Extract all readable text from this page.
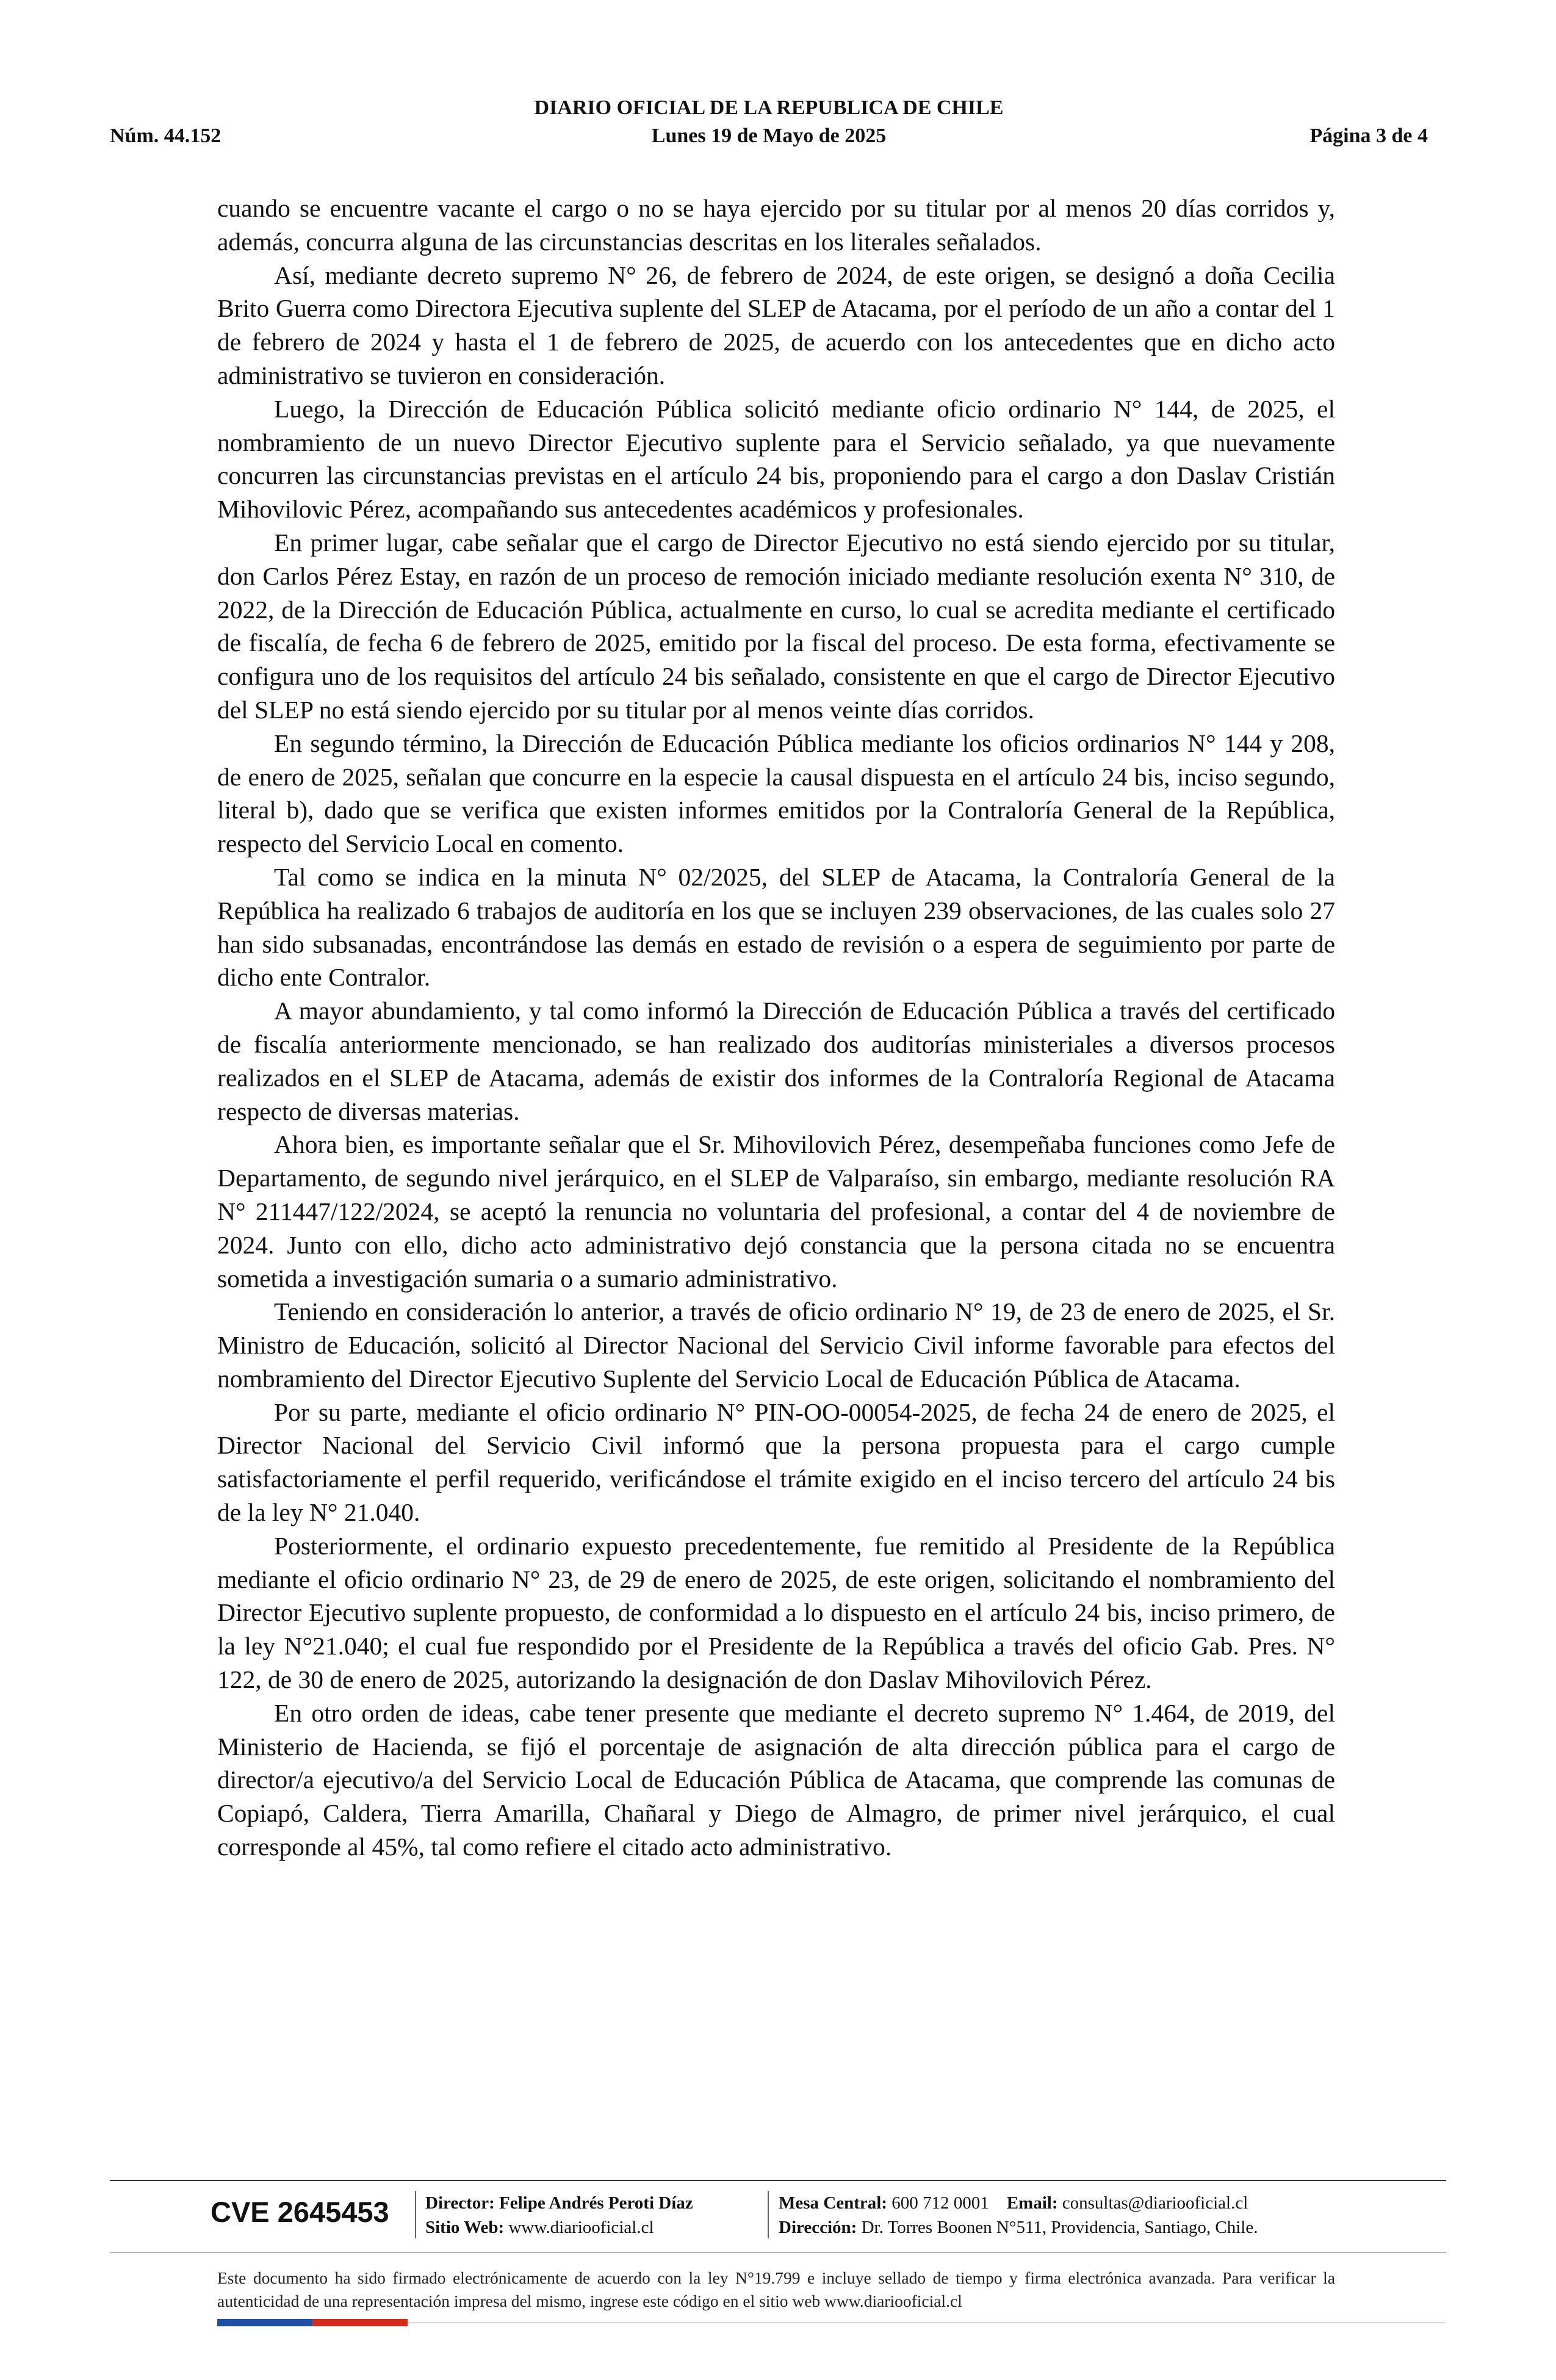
DIARIO OFICIAL DE LA REPUBLICA DE CHILE
Núm. 44.152	Lunes 19 de Mayo de 2025	Página 3 de 4

cuando se encuentre vacante el cargo o no se haya ejercido por su titular por al menos 20 días corridos y, además, concurra alguna de las circunstancias descritas en los literales señalados.

Así, mediante decreto supremo N° 26, de febrero de 2024, de este origen, se designó a doña Cecilia Brito Guerra como Directora Ejecutiva suplente del SLEP de Atacama, por el período de un año a contar del 1 de febrero de 2024 y hasta el 1 de febrero de 2025, de acuerdo con los antecedentes que en dicho acto administrativo se tuvieron en consideración.

Luego, la Dirección de Educación Pública solicitó mediante oficio ordinario N° 144, de 2025, el nombramiento de un nuevo Director Ejecutivo suplente para el Servicio señalado, ya que nuevamente concurren las circunstancias previstas en el artículo 24 bis, proponiendo para el cargo a don Daslav Cristián Mihovilovic Pérez, acompañando sus antecedentes académicos y profesionales.

En primer lugar, cabe señalar que el cargo de Director Ejecutivo no está siendo ejercido por su titular, don Carlos Pérez Estay, en razón de un proceso de remoción iniciado mediante resolución exenta N° 310, de 2022, de la Dirección de Educación Pública, actualmente en curso, lo cual se acredita mediante el certificado de fiscalía, de fecha 6 de febrero de 2025, emitido por la fiscal del proceso. De esta forma, efectivamente se configura uno de los requisitos del artículo 24 bis señalado, consistente en que el cargo de Director Ejecutivo del SLEP no está siendo ejercido por su titular por al menos veinte días corridos.

En segundo término, la Dirección de Educación Pública mediante los oficios ordinarios N° 144 y 208, de enero de 2025, señalan que concurre en la especie la causal dispuesta en el artículo 24 bis, inciso segundo, literal b), dado que se verifica que existen informes emitidos por la Contraloría General de la República, respecto del Servicio Local en comento.

Tal como se indica en la minuta N° 02/2025, del SLEP de Atacama, la Contraloría General de la República ha realizado 6 trabajos de auditoría en los que se incluyen 239 observaciones, de las cuales solo 27 han sido subsanadas, encontrándose las demás en estado de revisión o a espera de seguimiento por parte de dicho ente Contralor.

A mayor abundamiento, y tal como informó la Dirección de Educación Pública a través del certificado de fiscalía anteriormente mencionado, se han realizado dos auditorías ministeriales a diversos procesos realizados en el SLEP de Atacama, además de existir dos informes de la Contraloría Regional de Atacama respecto de diversas materias.

Ahora bien, es importante señalar que el Sr. Mihovilovich Pérez, desempeñaba funciones como Jefe de Departamento, de segundo nivel jerárquico, en el SLEP de Valparaíso, sin embargo, mediante resolución RA N° 211447/122/2024, se aceptó la renuncia no voluntaria del profesional, a contar del 4 de noviembre de 2024. Junto con ello, dicho acto administrativo dejó constancia que la persona citada no se encuentra sometida a investigación sumaria o a sumario administrativo.

Teniendo en consideración lo anterior, a través de oficio ordinario N° 19, de 23 de enero de 2025, el Sr. Ministro de Educación, solicitó al Director Nacional del Servicio Civil informe favorable para efectos del nombramiento del Director Ejecutivo Suplente del Servicio Local de Educación Pública de Atacama.

Por su parte, mediante el oficio ordinario N° PIN-OO-00054-2025, de fecha 24 de enero de 2025, el Director Nacional del Servicio Civil informó que la persona propuesta para el cargo cumple satisfactoriamente el perfil requerido, verificándose el trámite exigido en el inciso tercero del artículo 24 bis de la ley N° 21.040.

Posteriormente, el ordinario expuesto precedentemente, fue remitido al Presidente de la República mediante el oficio ordinario N° 23, de 29 de enero de 2025, de este origen, solicitando el nombramiento del Director Ejecutivo suplente propuesto, de conformidad a lo dispuesto en el artículo 24 bis, inciso primero, de la ley N°21.040; el cual fue respondido por el Presidente de la República a través del oficio Gab. Pres. N° 122, de 30 de enero de 2025, autorizando la designación de don Daslav Mihovilovich Pérez.

En otro orden de ideas, cabe tener presente que mediante el decreto supremo N° 1.464, de 2019, del Ministerio de Hacienda, se fijó el porcentaje de asignación de alta dirección pública para el cargo de director/a ejecutivo/a del Servicio Local de Educación Pública de Atacama, que comprende las comunas de Copiapó, Caldera, Tierra Amarilla, Chañaral y Diego de Almagro, de primer nivel jerárquico, el cual corresponde al 45%, tal como refiere el citado acto administrativo.

CVE 2645453 Director: Felipe Andrés Peroti Díaz
Sitio Web: www.diariooficial.cl
Mesa Central: 600 712 0001 Email: consultas@diariooficial.cl
Dirección: Dr. Torres Boonen N°511, Providencia, Santiago, Chile.
Este documento ha sido firmado electrónicamente de acuerdo con la ley N°19.799 e incluye sellado de tiempo y firma electrónica avanzada. Para verificar la autenticidad de una representación impresa del mismo, ingrese este código en el sitio web www.diariooficial.cl
